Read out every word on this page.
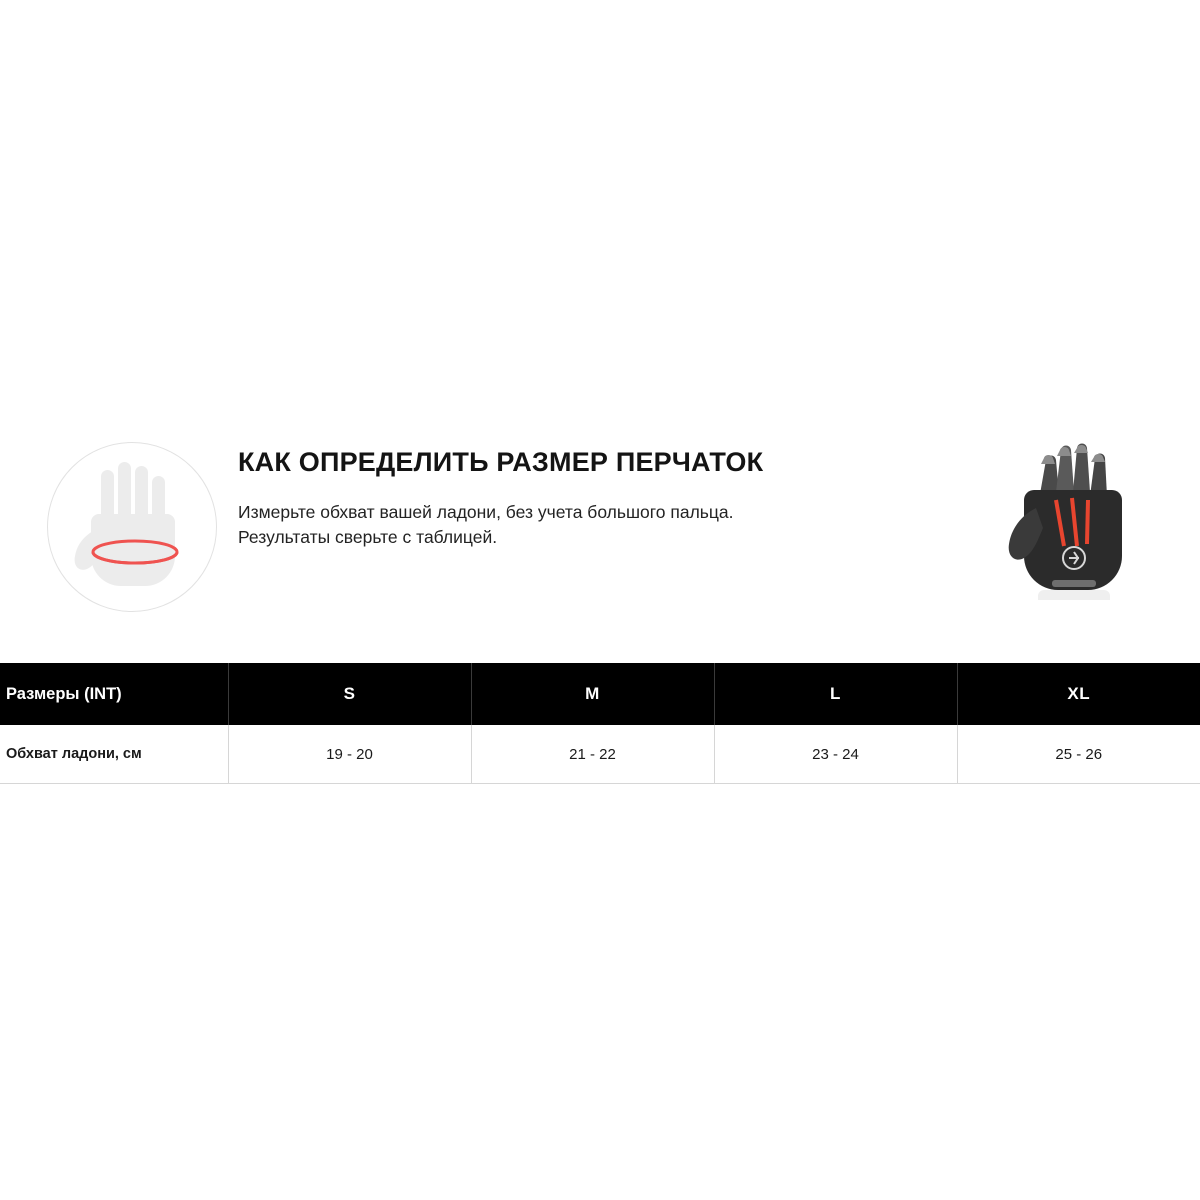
КАК ОПРЕДЕЛИТЬ РАЗМЕР ПЕРЧАТОК

Измерьте обхват вашей ладони, без учета большого пальца.
Результаты сверьте с таблицей.

Размеры (INT)	S	M	L	XL
Обхват ладони, см	19 - 20	21 - 22	23 - 24	25 - 26
